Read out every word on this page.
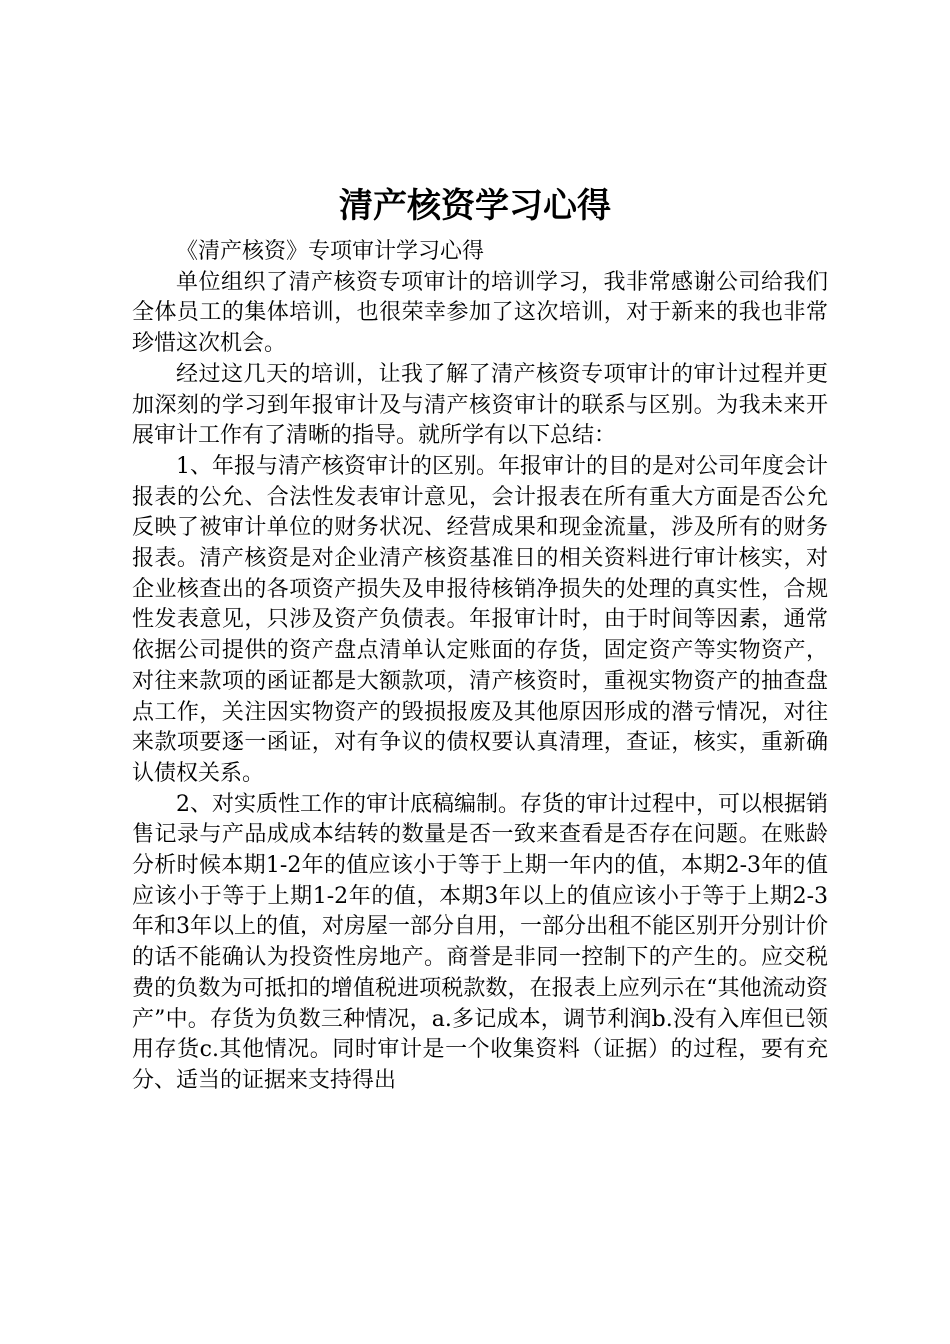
清产核资学习心得

《清产核资》专项审计学习心得

单位组织了清产核资专项审计的培训学习，我非常感谢公司给我们全体员工的集体培训，也很荣幸参加了这次培训，对于新来的我也非常珍惜这次机会。

经过这几天的培训，让我了解了清产核资专项审计的审计过程并更加深刻的学习到年报审计及与清产核资审计的联系与区别。为我未来开展审计工作有了清晰的指导。就所学有以下总结：

1、年报与清产核资审计的区别。年报审计的目的是对公司年度会计报表的公允、合法性发表审计意见，会计报表在所有重大方面是否公允反映了被审计单位的财务状况、经营成果和现金流量，涉及所有的财务报表。清产核资是对企业清产核资基准日的相关资料进行审计核实，对企业核查出的各项资产损失及申报待核销净损失的处理的真实性，合规性发表意见，只涉及资产负债表。年报审计时，由于时间等因素，通常依据公司提供的资产盘点清单认定账面的存货，固定资产等实物资产，对往来款项的函证都是大额款项，清产核资时，重视实物资产的抽查盘点工作，关注因实物资产的毁损报废及其他原因形成的潜亏情况，对往来款项要逐一函证，对有争议的债权要认真清理，查证，核实，重新确认债权关系。

2、对实质性工作的审计底稿编制。存货的审计过程中，可以根据销售记录与产品成成本结转的数量是否一致来查看是否存在问题。在账龄分析时候本期1-2年的值应该小于等于上期一年内的值，本期2-3年的值应该小于等于上期1-2年的值，本期3年以上的值应该小于等于上期2-3年和3年以上的值，对房屋一部分自用，一部分出租不能区别开分别计价的话不能确认为投资性房地产。商誉是非同一控制下的产生的。应交税费的负数为可抵扣的增值税进项税款数，在报表上应列示在“其他流动资产”中。存货为负数三种情况，a.多记成本，调节利润b.没有入库但已领用存货c.其他情况。同时审计是一个收集资料（证据）的过程，要有充分、适当的证据来支持得出
